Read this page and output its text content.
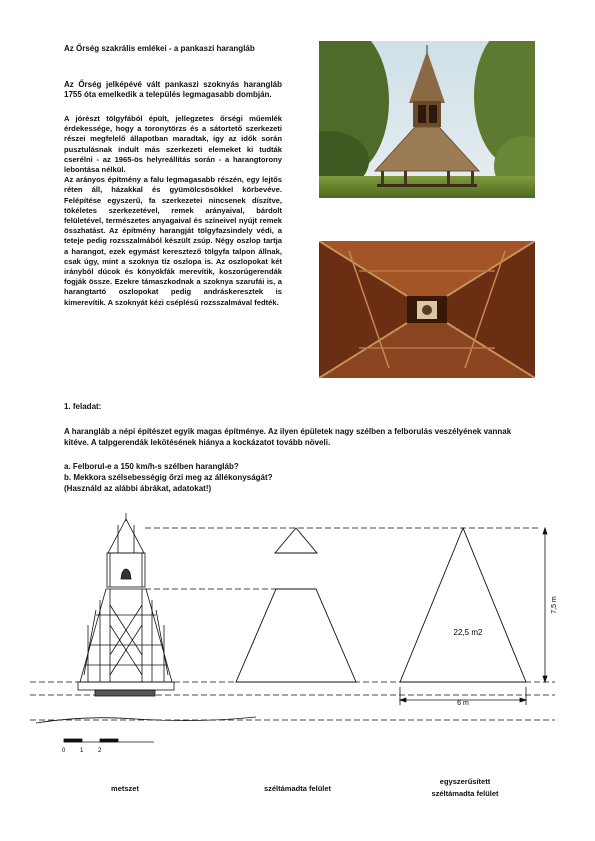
Az Őrség szakrális emlékei - a pankaszi harangláb
Az Őrség jelképévé vált pankaszi szoknyás harangláb 1755 óta emelkedik a település legmagasabb dombján.

A jórészt tölgyfából épült, jellegzetes őrségi műemlék érdekessége, hogy a toronytörzs és a sátortető szerkezeti részei megfelelő állapotban maradtak, így az idők során pusztulásnak indult más szerkezeti elemeket ki tudták cserélni - az 1965-ös helyreállítás során - a harangtorony lebontása nélkül.

Az arányos építmény a falu legmagasabb részén, egy lejtős réten áll, házakkal és gyümölcsösökkel körbevéve. Felépítése egyszerű, fa szerkezetei nincsenek díszítve, tökéletes szerkezetével, remek arányaival, bárdolt felületével, természetes anyagaival és színeivel nyújt remek összhatást. Az építmény harangját tölgyfazsindely védi, a teteje pedig rozsszalmából készült zsúp. Négy oszlop tartja a harangot, ezek egymást keresztező tölgyfa talpon állnak, csak úgy, mint a szoknya tíz oszlopa is. Az oszlopokat két irányból dúcok és könyökfák merevítik, koszorúgerendák fogják össze. Ezekre támaszkodnak a szoknya szarufái is, a harangtartó oszlopokat pedig andráskeresztek is kimerevítik. A szoknyát kézi cséplésű rozsszalmával fedték.

1. feladat:
A harangláb a népi építészet egyik magas építménye. Az ilyen épületek nagy szélben a felborulás veszélyének vannak kitéve. A talpgerendák lekötésének hiánya a kockázatot tovább növeli.
a. Felborul-e a 150 km/h-s szélben harangláb?
b. Mekkora szélsebességig őrzi meg az állékonyságát?
(Használd az alábbi ábrákat, adatokat!)
0 1 2
22,5 m2
6 m
7,5 m
metszet	széltámadta felület
egyszerűsített
széltámadta felület
